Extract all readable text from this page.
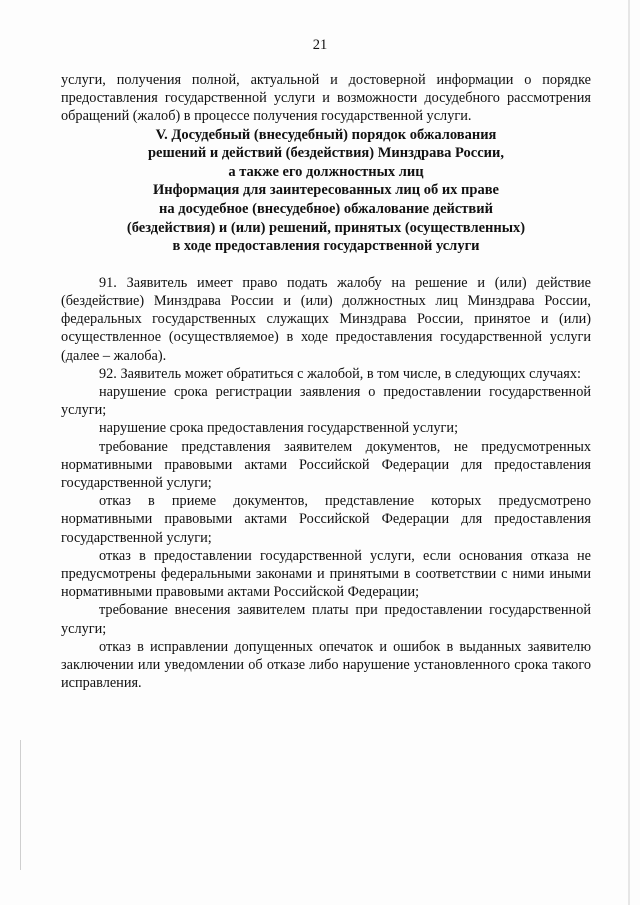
21

услуги, получения полной, актуальной и достоверной информации о порядке предоставления государственной услуги и возможности досудебного рассмотрения обращений (жалоб) в процессе получения государственной услуги.

V. Досудебный (внесудебный) порядок обжалования

решений и действий (бездействия) Минздрава России,

а также его должностных лиц

Информация для заинтересованных лиц об их праве

на досудебное (внесудебное) обжалование действий

(бездействия) и (или) решений, принятых (осуществленных)

в ходе предоставления государственной услуги

91. Заявитель имеет право подать жалобу на решение и (или) действие (бездействие) Минздрава России и (или) должностных лиц Минздрава России, федеральных государственных служащих Минздрава России, принятое и (или) осуществленное (осуществляемое) в ходе предоставления государственной услуги (далее – жалоба).

92. Заявитель может обратиться с жалобой, в том числе, в следующих случаях:

нарушение срока регистрации заявления о предоставлении государственной услуги;

нарушение срока предоставления государственной услуги;

требование представления заявителем документов, не предусмотренных нормативными правовыми актами Российской Федерации для предоставления государственной услуги;

отказ в приеме документов, представление которых предусмотрено нормативными правовыми актами Российской Федерации для предоставления государственной услуги;

отказ в предоставлении государственной услуги, если основания отказа не предусмотрены федеральными законами и принятыми в соответствии с ними иными нормативными правовыми актами Российской Федерации;

требование внесения заявителем платы при предоставлении государственной услуги;

отказ в исправлении допущенных опечаток и ошибок в выданных заявителю заключении или уведомлении об отказе либо нарушение установленного срока такого исправления.
